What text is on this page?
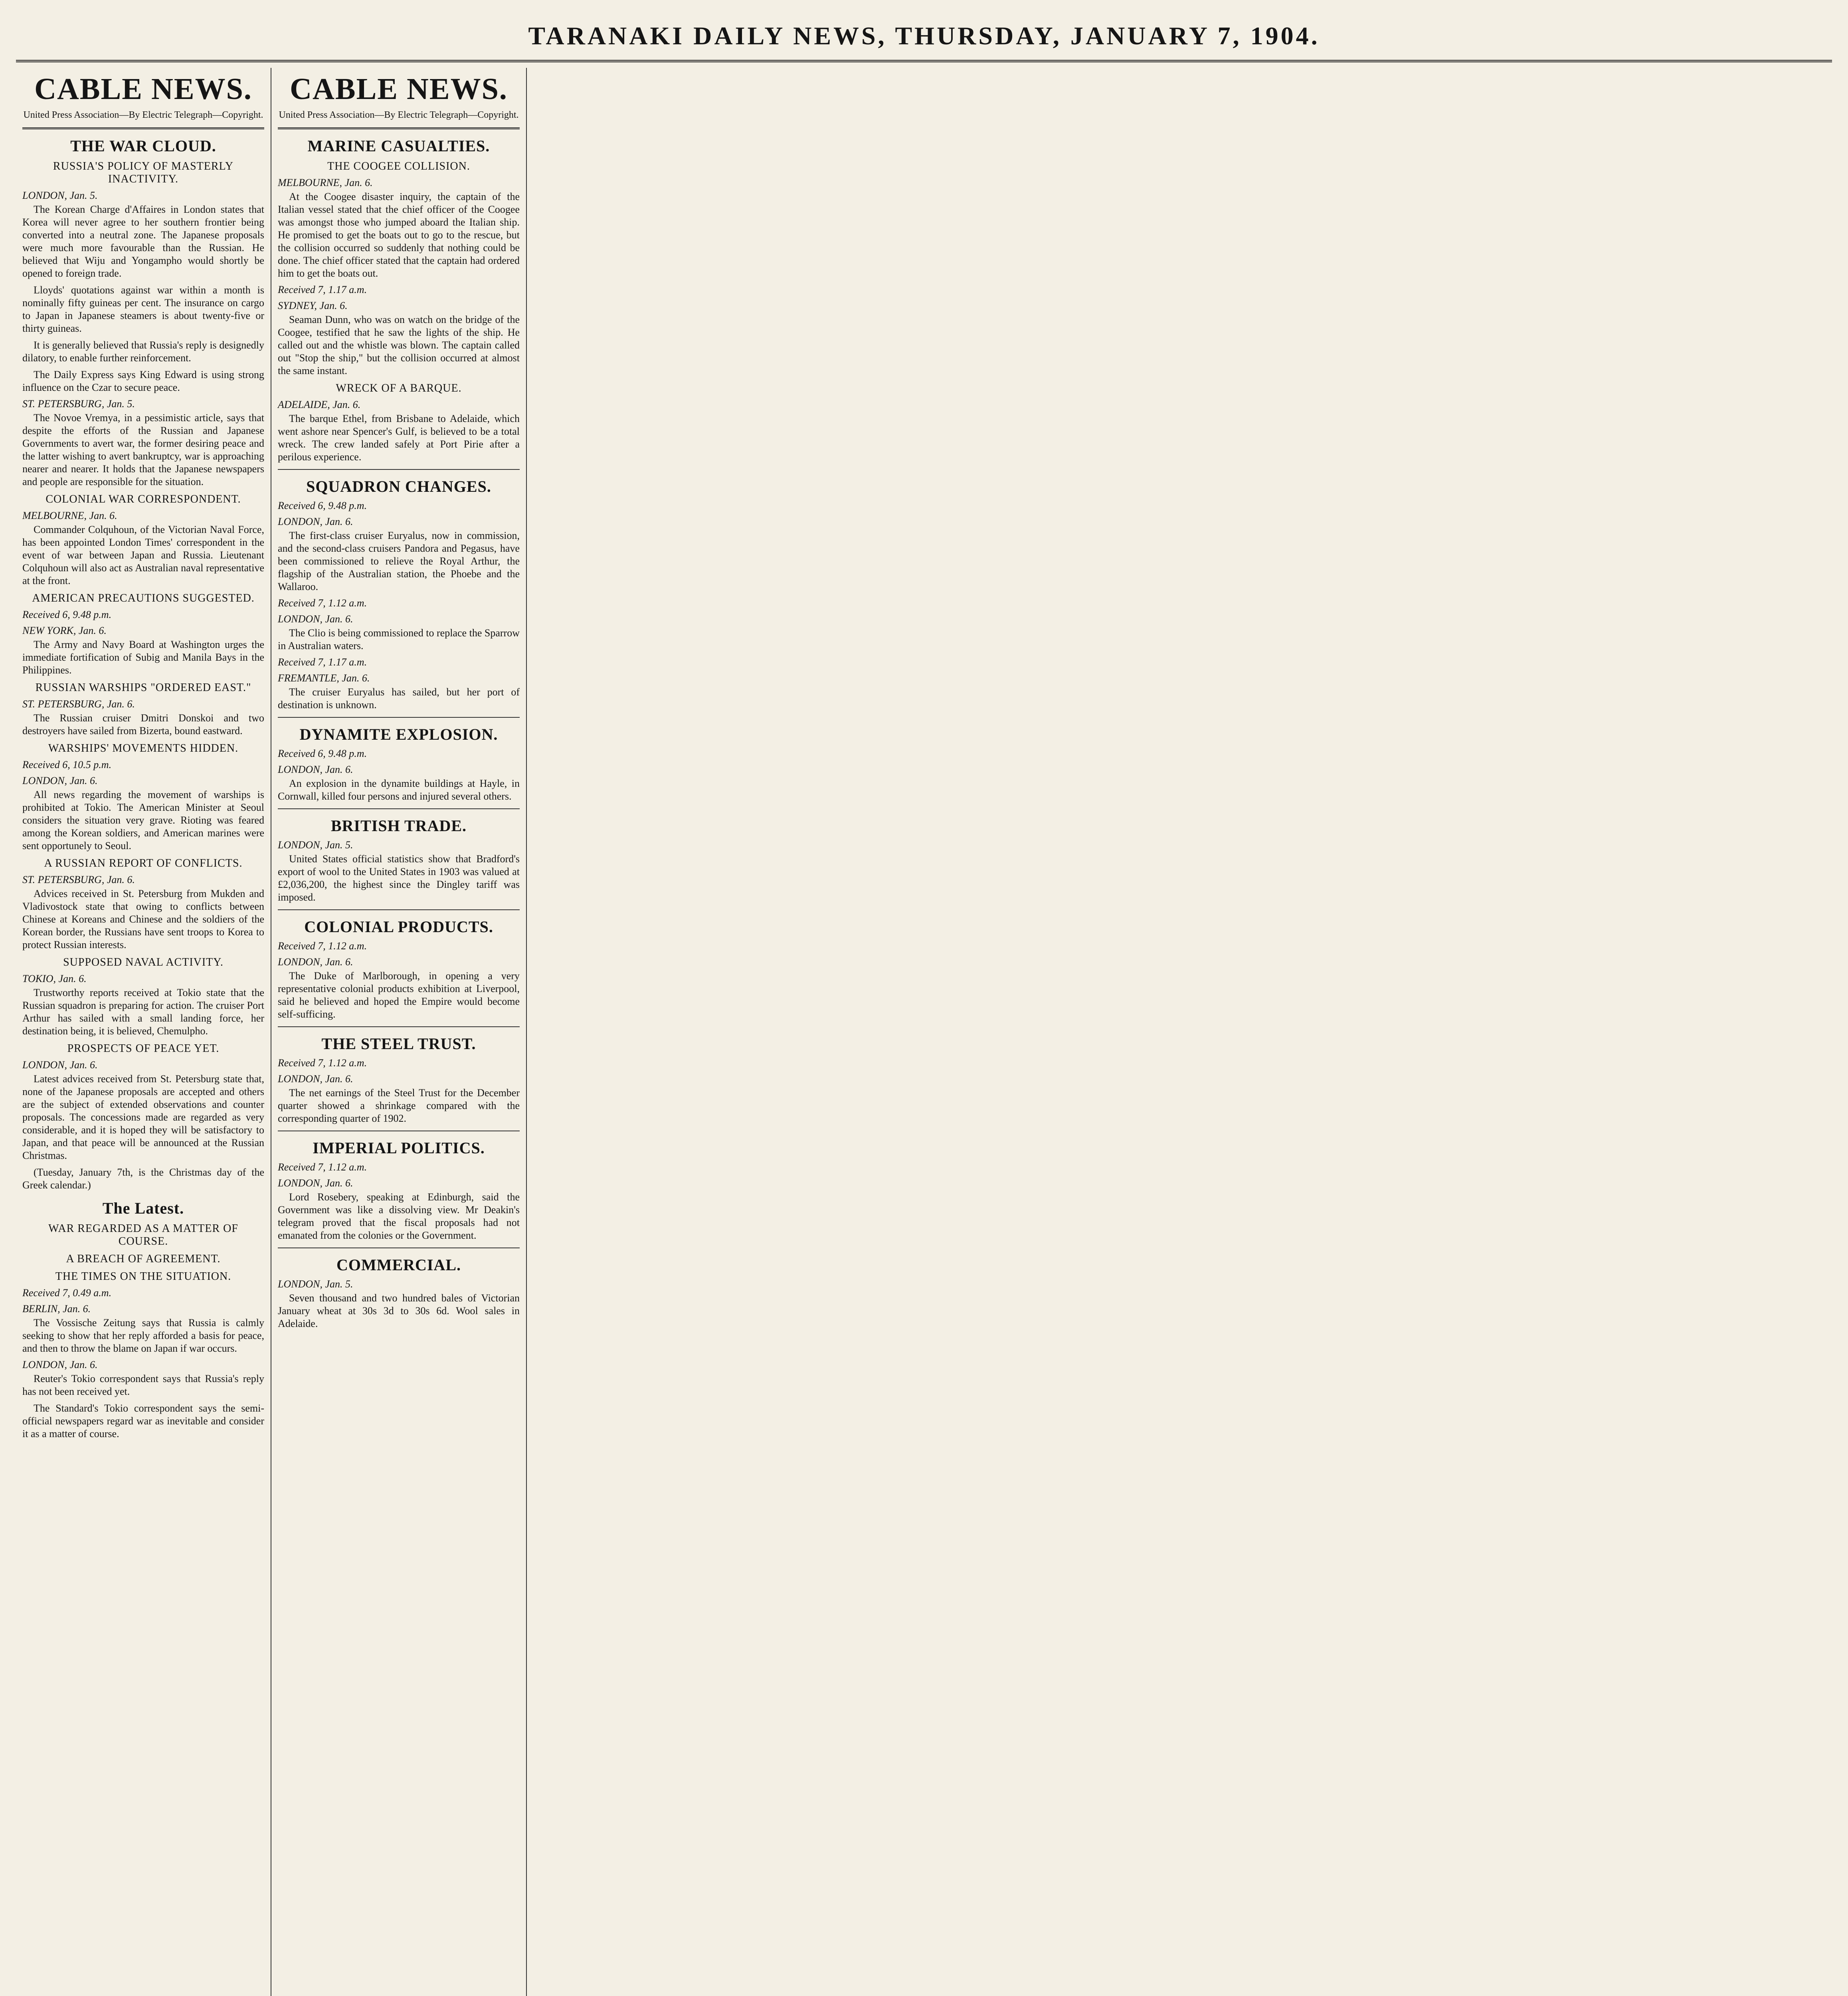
TARANAKI DAILY NEWS, THURSDAY, JANUARY 7, 1904.
CABLE NEWS.
United Press Association—By Electric Telegraph—Copyright.
THE WAR CLOUD.
RUSSIA'S POLICY OF MASTERLY INACTIVITY.
LONDON, Jan. 5.

The Korean Charge d'Affaires in London states that Korea will never agree to her southern frontier being converted into a neutral zone. The Japanese proposals were much more favourable than the Russian. He believed that Wiju and Yongampho would shortly be opened to foreign trade.

Lloyds' quotations against war within a month is nominally fifty guineas per cent. The insurance on cargo to Japan in Japanese steamers is about twenty-five or thirty guineas.

It is generally believed that Russia's reply is designedly dilatory, to enable further reinforcement.

The Daily Express says King Edward is using strong influence on the Czar to secure peace.

ST. PETERSBURG, Jan. 5.

The Novoe Vremya, in a pessimistic article, says that despite the efforts of the Russian and Japanese Governments to avert war, the former desiring peace and the latter wishing to avert bankruptcy, war is approaching nearer and nearer. It holds that the Japanese newspapers and people are responsible for the situation.

COLONIAL WAR CORRESPONDENT.
MELBOURNE, Jan. 6.

Commander Colquhoun, of the Victorian Naval Force, has been appointed London Times' correspondent in the event of war between Japan and Russia. Lieutenant Colquhoun will also act as Australian naval representative at the front.

AMERICAN PRECAUTIONS SUGGESTED.
Received 6, 9.48 p.m.
NEW YORK, Jan. 6.

The Army and Navy Board at Washington urges the immediate fortification of Subig and Manila Bays in the Philippines.

RUSSIAN WARSHIPS "ORDERED EAST."
ST. PETERSBURG, Jan. 6.

The Russian cruiser Dmitri Donskoi and two destroyers have sailed from Bizerta, bound eastward.

WARSHIPS' MOVEMENTS HIDDEN.
Received 6, 10.5 p.m.
LONDON, Jan. 6.

All news regarding the movement of warships is prohibited at Tokio. The American Minister at Seoul considers the situation very grave. Rioting was feared among the Korean soldiers, and American marines were sent opportunely to Seoul.

A RUSSIAN REPORT OF CONFLICTS.
ST. PETERSBURG, Jan. 6.

Advices received in St. Petersburg from Mukden and Vladivostock state that owing to conflicts between Chinese at Koreans and Chinese and the soldiers of the Korean border, the Russians have sent troops to Korea to protect Russian interests.

SUPPOSED NAVAL ACTIVITY.
TOKIO, Jan. 6.

Trustworthy reports received at Tokio state that the Russian squadron is preparing for action. The cruiser Port Arthur has sailed with a small landing force, her destination being, it is believed, Chemulpho.

PROSPECTS OF PEACE YET.
LONDON, Jan. 6.

Latest advices received from St. Petersburg state that, none of the Japanese proposals are accepted and others are the subject of extended observations and counter proposals. The concessions made are regarded as very considerable, and it is hoped they will be satisfactory to Japan, and that peace will be announced at the Russian Christmas.

(Tuesday, January 7th, is the Christmas day of the Greek calendar.)

The Latest.
WAR REGARDED AS A MATTER OF COURSE.
A BREACH OF AGREEMENT.
THE TIMES ON THE SITUATION.
Received 7, 0.49 a.m.
BERLIN, Jan. 6.

The Vossische Zeitung says that Russia is calmly seeking to show that her reply afforded a basis for peace, and then to throw the blame on Japan if war occurs.

LONDON, Jan. 6.

Reuter's Tokio correspondent says that Russia's reply has not been received yet.

The Standard's Tokio correspondent says the semi-official newspapers regard war as inevitable and consider it as a matter of course.

CABLE NEWS.
United Press Association—By Electric Telegraph—Copyright.
MARINE CASUALTIES.
THE COOGEE COLLISION.
MELBOURNE, Jan. 6.

At the Coogee disaster inquiry, the captain of the Italian vessel stated that the chief officer of the Coogee was amongst those who jumped aboard the Italian ship. He promised to get the boats out to go to the rescue, but the collision occurred so suddenly that nothing could be done. The chief officer stated that the captain had ordered him to get the boats out.

Received 7, 1.17 a.m.
SYDNEY, Jan. 6.

Seaman Dunn, who was on watch on the bridge of the Coogee, testified that he saw the lights of the ship. He called out and the whistle was blown. The captain called out "Stop the ship," but the collision occurred at almost the same instant.

WRECK OF A BARQUE.
ADELAIDE, Jan. 6.

The barque Ethel, from Brisbane to Adelaide, which went ashore near Spencer's Gulf, is believed to be a total wreck. The crew landed safely at Port Pirie after a perilous experience.

SQUADRON CHANGES.
Received 6, 9.48 p.m.
LONDON, Jan. 6.

The first-class cruiser Euryalus, now in commission, and the second-class cruisers Pandora and Pegasus, have been commissioned to relieve the Royal Arthur, the flagship of the Australian station, the Phoebe and the Wallaroo.

Received 7, 1.12 a.m.
LONDON, Jan. 6.

The Clio is being commissioned to replace the Sparrow in Australian waters.

Received 7, 1.17 a.m.
FREMANTLE, Jan. 6.

The cruiser Euryalus has sailed, but her port of destination is unknown.

DYNAMITE EXPLOSION.
Received 6, 9.48 p.m.
LONDON, Jan. 6.

An explosion in the dynamite buildings at Hayle, in Cornwall, killed four persons and injured several others.

BRITISH TRADE.
LONDON, Jan. 5.

United States official statistics show that Bradford's export of wool to the United States in 1903 was valued at £2,036,200, the highest since the Dingley tariff was imposed.

COLONIAL PRODUCTS.
Received 7, 1.12 a.m.
LONDON, Jan. 6.

The Duke of Marlborough, in opening a very representative colonial products exhibition at Liverpool, said he believed and hoped the Empire would become self-sufficing.

THE STEEL TRUST.
Received 7, 1.12 a.m.
LONDON, Jan. 6.

The net earnings of the Steel Trust for the December quarter showed a shrinkage compared with the corresponding quarter of 1902.

IMPERIAL POLITICS.
Received 7, 1.12 a.m.
LONDON, Jan. 6.

Lord Rosebery, speaking at Edinburgh, said the Government was like a dissolving view. Mr Deakin's telegram proved that the fiscal proposals had not emanated from the colonies or the Government.

COMMERCIAL.
LONDON, Jan. 5.

Seven thousand and two hundred bales of Victorian January wheat at 30s 3d to 30s 6d. Wool sales in Adelaide.
